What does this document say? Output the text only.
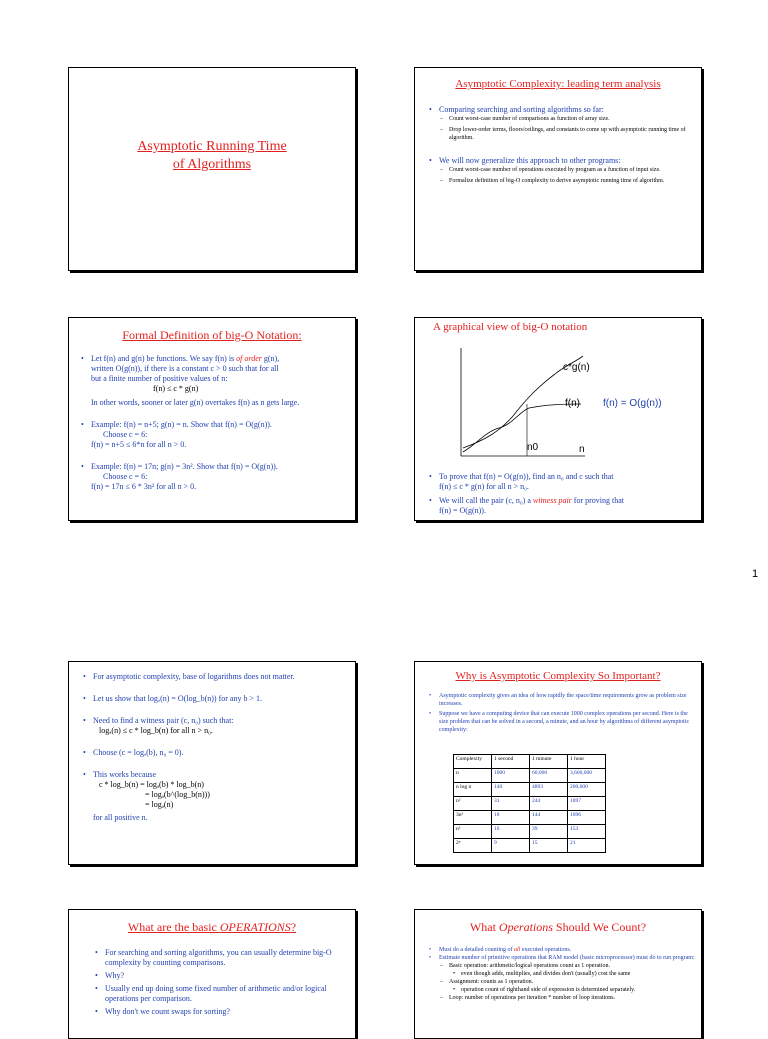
Asymptotic Running Time
of Algorithms
Asymptotic Complexity: leading term analysis
• Comparing searching and sorting algorithms so far:
– Count worst-case number of comparisons as function of array size.
– Drop lower-order terms, floors/ceilings, and constants to come up with asymptotic running time of algorithm.
• We will now generalize this approach to other programs:
– Count worst-case number of operations executed by program as a function of input size.
– Formalize definition of big-O complexity to derive asymptotic running time of algorithm.
Formal Definition of big-O Notation:
• Let f(n) and g(n) be functions. We say f(n) is of order g(n),
written O(g(n)), if there is a constant c > 0 such that for all
but a finite number of positive values of n:
f(n) ≤ c * g(n)
In other words, sooner or later g(n) overtakes f(n) as n gets large.
• Example: f(n) = n+5; g(n) = n. Show that f(n) = O(g(n)).
Choose c = 6:
f(n) = n+5 ≤ 6*n for all n > 0.
• Example: f(n) = 17n; g(n) = 3n². Show that f(n) = O(g(n)).
Choose c = 6:
f(n) = 17n ≤ 6 * 3n² for all n > 0.
A graphical view of big-O notation
c*g(n)
f(n) f(n) = O(g(n))
n0	n
• To prove that f(n) = O(g(n)), find an n₀ and c such that
f(n) ≤ c * g(n) for all n > n₀.
• We will call the pair (c, n₀) a witness pair for proving that
f(n) = O(g(n)).
1
• For asymptotic complexity, base of logarithms does not matter.
• Let us show that logₐ(n) = O(log_b(n)) for any b > 1.
• Need to find a witness pair (c, n₀) such that:
logₐ(n) ≤ c * log_b(n) for all n > n₀.
• Choose (c = logₐ(b), n₀ = 0).
• This works because
c * log_b(n) = logₐ(b) * log_b(n)
= logₐ(b^(log_b(n)))
= logₐ(n)
for all positive n.
Why is Asymptotic Complexity So Important?
• Asymptotic complexity gives an idea of how rapidly the space/time requirements grow as problem size increases.
• Suppose we have a computing device that can execute 1000 complex operations per second. Here is the size problem that can be solved in a second, a minute, and an hour by algorithms of different asymptotic complexity:
Complexity	1 second	1 minute	1 hour
n	1000	60,000	3,600,000
n log n	140	4893	200,000
n²	31	244	1897
3n²	18	144	1096
n³	10	39	153
2ⁿ	9	15	21
What are the basic OPERATIONS?
• For searching and sorting algorithms, you can usually determine big-O complexity by counting comparisons.
• Why?
• Usually end up doing some fixed number of arithmetic and/or logical operations per comparison.
• Why don't we count swaps for sorting?
What Operations Should We Count?
• Must do a detailed counting of all executed operations.
• Estimate number of primitive operations that RAM model (basic microprocessor) must do to run program:
– Basic operation: arithmetic/logical operations count as 1 operation.
• even though adds, multiplies, and divides don't (usually) cost the same
– Assignment: counts as 1 operation.
• operation count of righthand side of expression is determined separately.
– Loop: number of operations per iteration * number of loop iterations.
